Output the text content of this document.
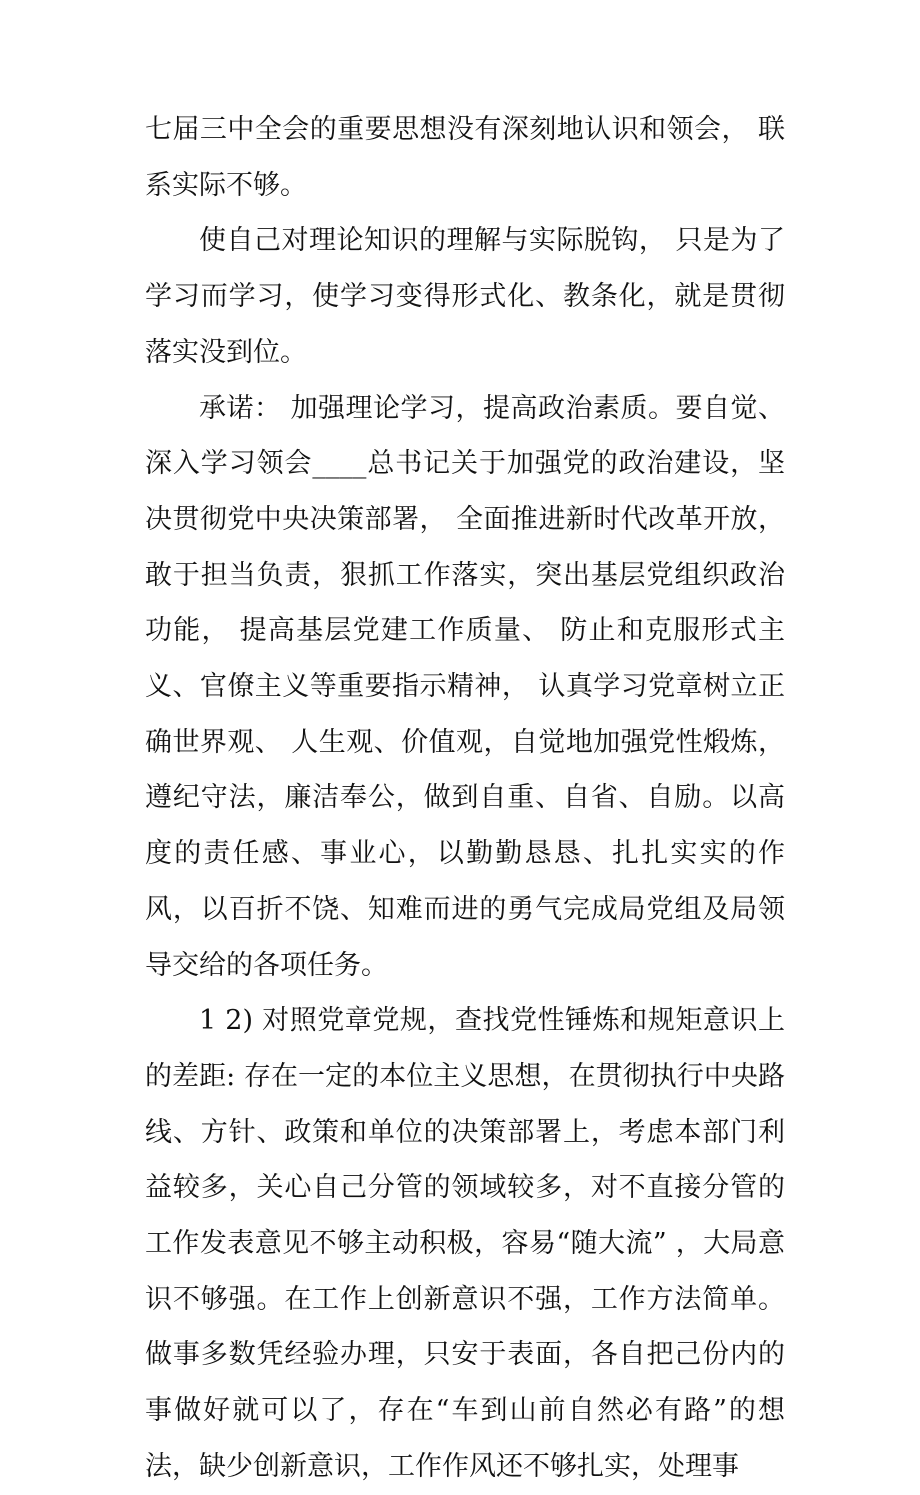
七届三中全会的重要思想没有深刻地认识和领会， 联系实际不够。

使自己对理论知识的理解与实际脱钩， 只是为了学习而学习，使学习变得形式化、教条化，就是贯彻落实没到位。

承诺： 加强理论学习，提高政治素质。要自觉、深入学习领会____总书记关于加强党的政治建设，坚决贯彻党中央决策部署， 全面推进新时代改革开放，敢于担当负责，狠抓工作落实，突出基层党组织政治功能， 提高基层党建工作质量、 防止和克服形式主义、官僚主义等重要指示精神， 认真学习党章树立正确世界观、 人生观、价值观，自觉地加强党性煅炼，遵纪守法，廉洁奉公，做到自重、自省、自励。以高度的责任感、事业心，以勤勤恳恳、扎扎实实的作风，以百折不饶、知难而进的勇气完成局党组及局领导交给的各项任务。

1 2) 对照党章党规，查找党性锤炼和规矩意识上的差距: 存在一定的本位主义思想，在贯彻执行中央路线、方针、政策和单位的决策部署上，考虑本部门利益较多，关心自己分管的领域较多，对不直接分管的工作发表意见不够主动积极，容易“随大流” ，大局意识不够强。在工作上创新意识不强，工作方法简单。做事多数凭经验办理，只安于表面，各自把己份内的事做好就可以了，存在“车到山前自然必有路”的想法，缺少创新意识，工作作风还不够扎实，处理事
